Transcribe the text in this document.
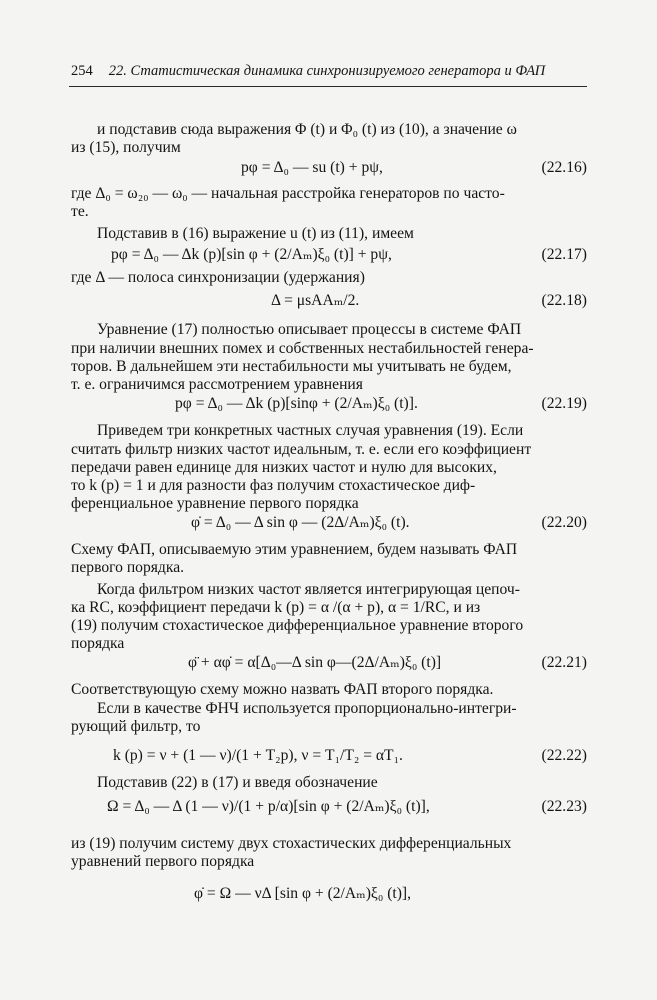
254 22. Статистическая динамика синхронизируемого генератора и ФАП
и подставив сюда выражения Φ (t) и Φ₀ (t) из (10), а значение ω
из (15), получим
pφ = Δ₀ — su (t) + pψ,	(22.16)
где Δ₀ = ω₂₀ — ω₀ — начальная расстройка генераторов по часто-
те.
Подставив в (16) выражение u (t) из (11), имеем
pφ = Δ₀ — Δk (p)[sin φ + (2/Aₘ)ξ₀ (t)] + pψ,	(22.17)
где Δ — полоса синхронизации (удержания)
Δ = μsAAₘ/2.	(22.18)
Уравнение (17) полностью описывает процессы в системе ФАП
при наличии внешних помех и собственных нестабильностей генера-
торов. В дальнейшем эти нестабильности мы учитывать не будем,
т. е. ограничимся рассмотрением уравнения
pφ = Δ₀ — Δk (p)[sinφ + (2/Aₘ)ξ₀ (t)].	(22.19)
Приведем три конкретных частных случая уравнения (19). Если
считать фильтр низких частот идеальным, т. е. если его коэффициент
передачи равен единице для низких частот и нулю для высоких,
то k (p) = 1 и для разности фаз получим стохастическое диф-
ференциальное уравнение первого порядка
φ̇ = Δ₀ — Δ sin φ — (2Δ/Aₘ)ξ₀ (t).	(22.20)
Схему ФАП, описываемую этим уравнением, будем называть ФАП
первого порядка.
Когда фильтром низких частот является интегрирующая цепоч-
ка RC, коэффициент передачи k (p) = α /(α + p), α = 1/RC, и из
(19) получим стохастическое дифференциальное уравнение второго
порядка
φ̈ + αφ̇ = α[Δ₀—Δ sin φ—(2Δ/Aₘ)ξ₀ (t)]	(22.21)
Соответствующую схему можно назвать ФАП второго порядка.
Если в качестве ФНЧ используется пропорционально-интегри-
рующий фильтр, то
k (p) = ν + (1 — ν)/(1 + T₂p), ν = T₁/T₂ = αT₁.	(22.22)
Подставив (22) в (17) и введя обозначение
Ω = Δ₀ — Δ (1 — ν)/(1 + p/α)[sin φ + (2/Aₘ)ξ₀ (t)],	(22.23)
из (19) получим систему двух стохастических дифференциальных
уравнений первого порядка
φ̇ = Ω — νΔ [sin φ + (2/Aₘ)ξ₀ (t)],
